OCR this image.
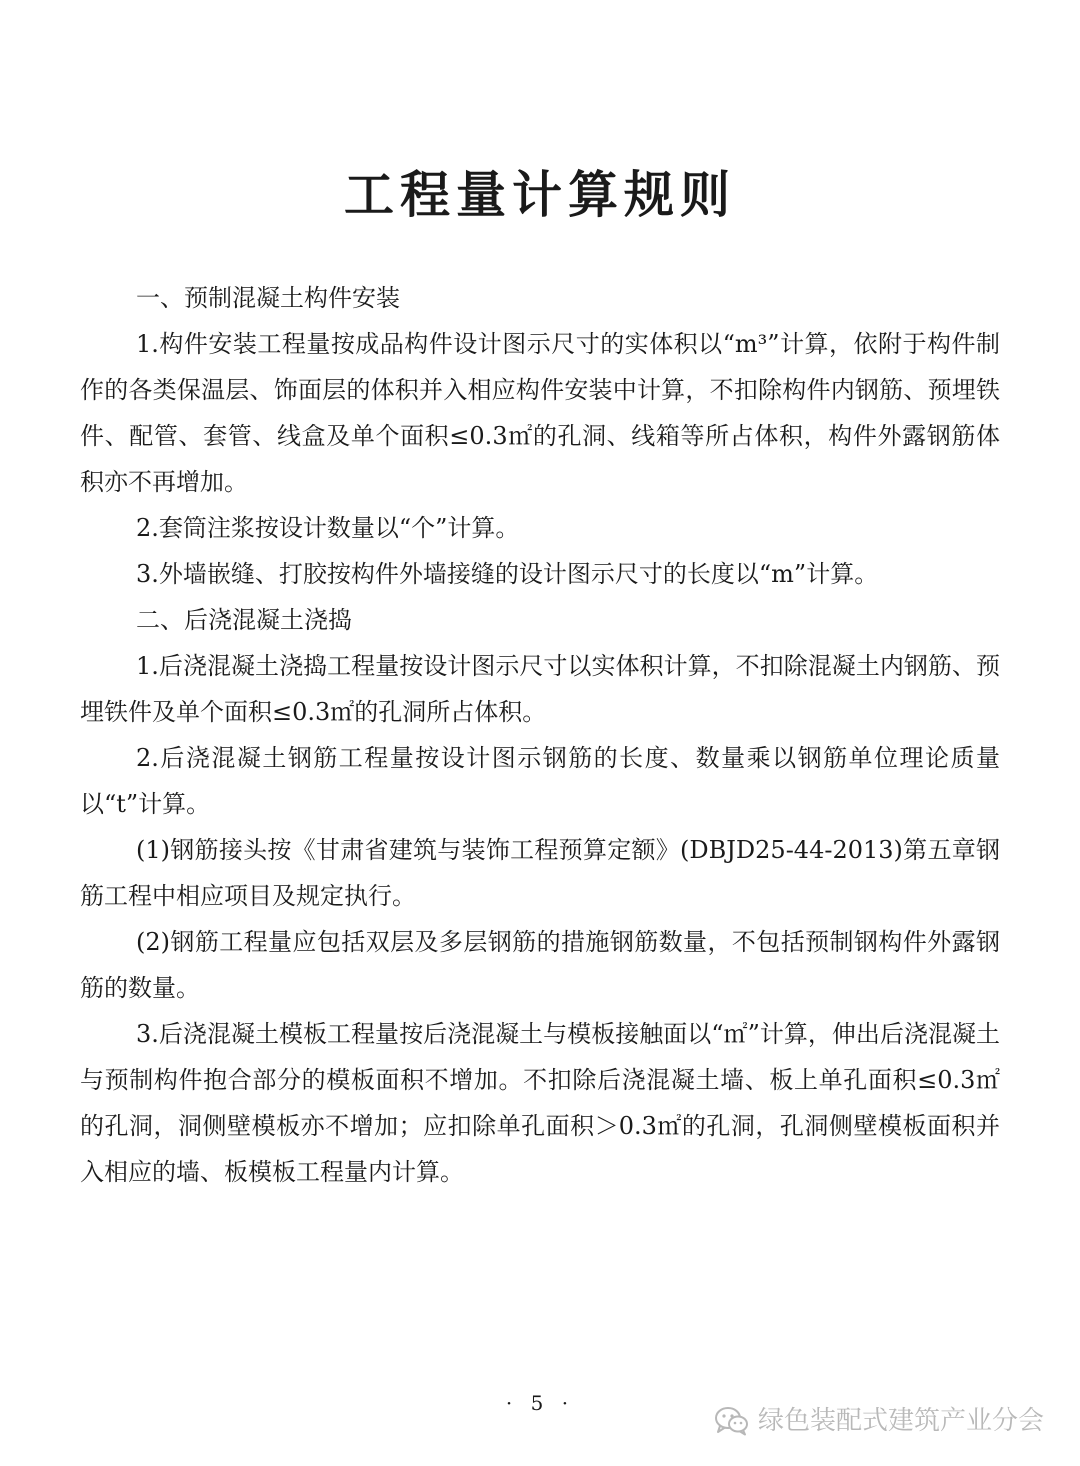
工程量计算规则

一、预制混凝土构件安装

1.构件安装工程量按成品构件设计图示尺寸的实体积以“m³”计算，依附于构件制作的各类保温层、饰面层的体积并入相应构件安装中计算，不扣除构件内钢筋、预埋铁件、配管、套管、线盒及单个面积≤0.3㎡的孔洞、线箱等所占体积，构件外露钢筋体积亦不再增加。

2.套筒注浆按设计数量以“个”计算。

3.外墙嵌缝、打胶按构件外墙接缝的设计图示尺寸的长度以“m”计算。

二、后浇混凝土浇捣

1.后浇混凝土浇捣工程量按设计图示尺寸以实体积计算，不扣除混凝土内钢筋、预埋铁件及单个面积≤0.3㎡的孔洞所占体积。

2.后浇混凝土钢筋工程量按设计图示钢筋的长度、数量乘以钢筋单位理论质量以“t”计算。

(1)钢筋接头按《甘肃省建筑与装饰工程预算定额》(DBJD25-44-2013)第五章钢筋工程中相应项目及规定执行。

(2)钢筋工程量应包括双层及多层钢筋的措施钢筋数量，不包括预制钢构件外露钢筋的数量。

3.后浇混凝土模板工程量按后浇混凝土与模板接触面以“㎡”计算，伸出后浇混凝土与预制构件抱合部分的模板面积不增加。不扣除后浇混凝土墙、板上单孔面积≤0.3㎡的孔洞，洞侧壁模板亦不增加；应扣除单孔面积＞0.3㎡的孔洞，孔洞侧壁模板面积并入相应的墙、板模板工程量内计算。

· 5 ·
绿色装配式建筑产业分会
